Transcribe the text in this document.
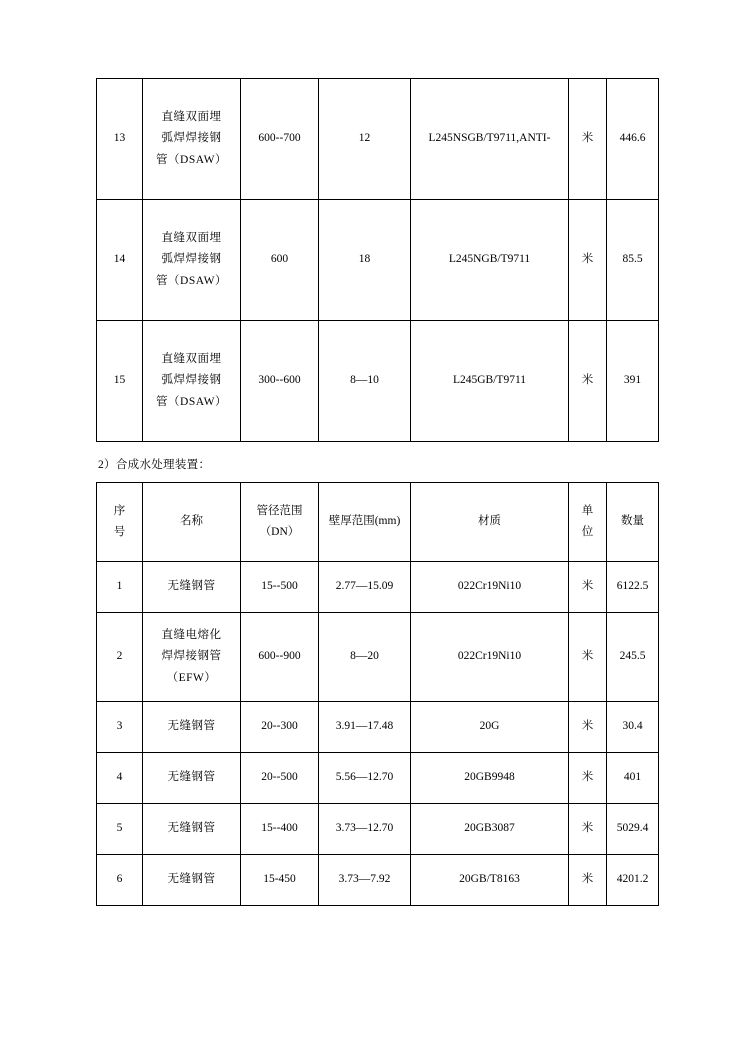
13	直缝双面埋
弧焊焊接钢
管（DSAW）	600--700	12	L245NSGB/T9711,ANTI-	米	446.6
14	直缝双面埋
弧焊焊接钢
管（DSAW）	600	18	L245NGB/T9711	米	85.5
15	直缝双面埋
弧焊焊接钢
管（DSAW）	300--600	8—10	L245GB/T9711	米	391
2）合成水处理装置：
序
号
	名称	
管径范围
（DN）
	壁厚范围(mm)	材质	
单
位
	数量
1	无缝钢管	15--500	2.77—15.09	022Cr19Ni10	米	6122.5
2	直缝电熔化
焊焊接钢管
（EFW）	600--900	8—20	022Cr19Ni10	米	245.5
3	无缝钢管	20--300	3.91—17.48	20G	米	30.4
4	无缝钢管	20--500	5.56—12.70	20GB9948	米	401
5	无缝钢管	15--400	3.73—12.70	20GB3087	米	5029.4
6	无缝钢管	15-450	3.73—7.92	20GB/T8163	米	4201.2
